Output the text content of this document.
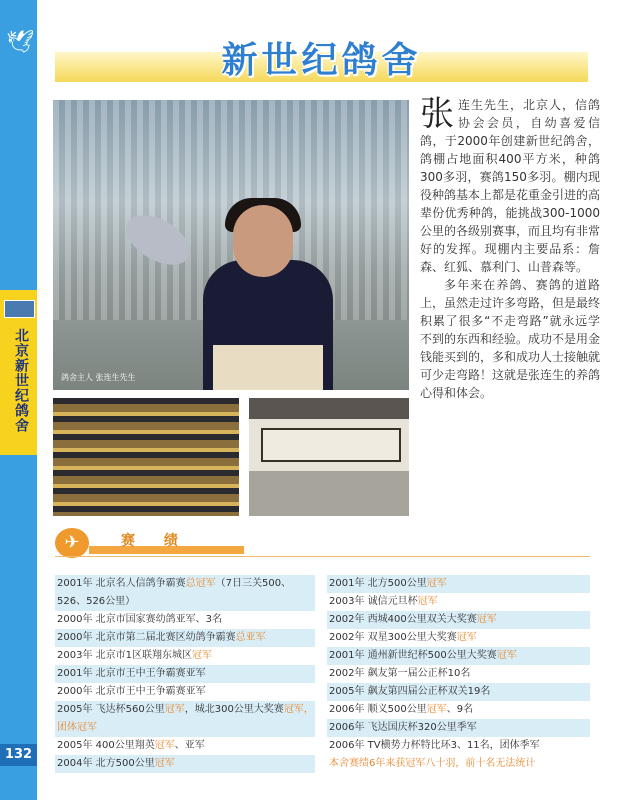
🕊
北京新世纪鸽舍
132
新世纪鸽舍
鸽舍主人 张连生先生

张 连生先生，北京人，信鸽协会会员，自幼喜爱信鸽，于2000年创建新世纪鸽舍，鸽棚占地面积400平方米，种鸽300多羽，赛鸽150多羽。棚内现役种鸽基本上都是花重金引进的高辈份优秀种鸽，能挑战300-1000公里的各级别赛事，而且均有非常好的发挥。现棚内主要品系：詹森、红狐、慕利门、山普森等。

多年来在养鸽、赛鸽的道路上，虽然走过许多弯路，但是最终积累了很多“不走弯路”就永远学不到的东西和经验。成功不是用金钱能买到的，多和成功人士接触就可少走弯路！这就是张连生的养鸽心得和体会。

✈	赛 绩
2001年 北京名人信鸽争霸赛总冠军（7日三关500、526、526公里）
2000年 北京市国家赛幼鸽亚军、3名
2000年 北京市第二届北赛区幼鸽争霸赛总亚军
2003年 北京市1区联翔东城区冠军
2001年 北京市王中王争霸赛亚军
2000年 北京市王中王争霸赛亚军
2005年 飞达杯560公里冠军，城北300公里大奖赛冠军，团体冠军
2005年 400公里翔英冠军、亚军
2004年 北方500公里冠军
2001年 北方500公里冠军
2003年 诚信元旦杯冠军
2002年 西城400公里双关大奖赛冠军
2002年 双星300公里大奖赛冠军
2001年 通州新世纪杯500公里大奖赛冠军
2002年 飙友第一届公正杯10名
2005年 飙友第四届公正杯双关19名
2006年 顺义500公里冠军、9名
2006年 飞达国庆杯320公里季军
2006年 TV横势力杯特比环3、11名，团体季军
本舍赛绩6年来获冠军八十羽，前十名无法统计
